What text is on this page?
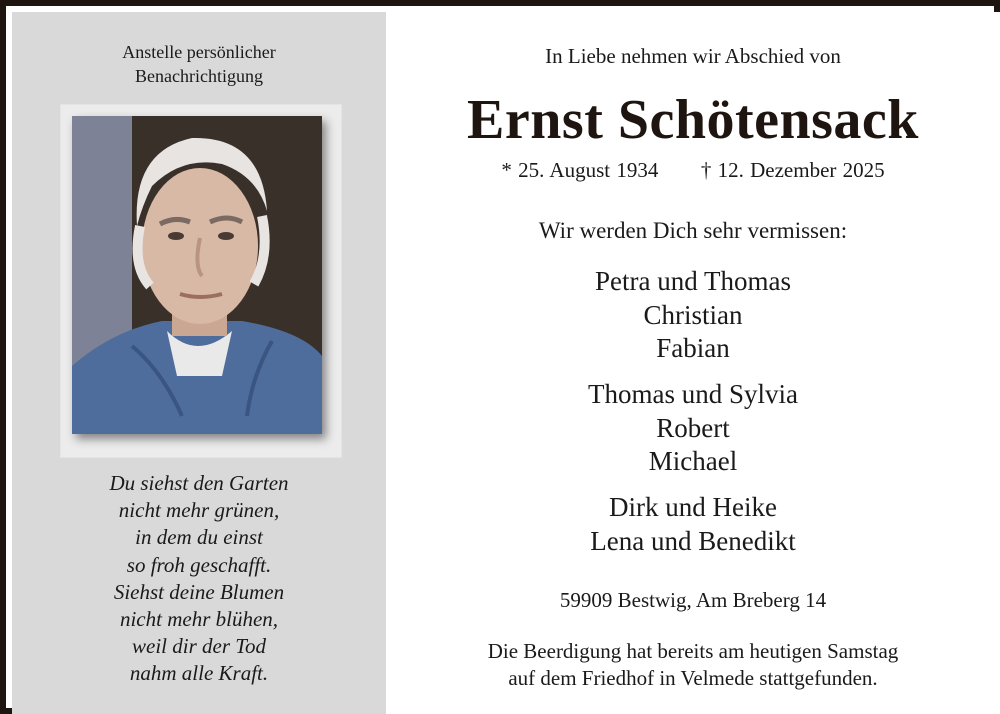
Anstelle persönlicher
Benachrichtigung
Du siehst den Garten
nicht mehr grünen,
in dem du einst
so froh geschafft.
Siehst deine Blumen
nicht mehr blühen,
weil dir der Tod
nahm alle Kraft.
In Liebe nehmen wir Abschied von
Ernst Schötensack
* 25. August 1934 † 12. Dezember 2025
Wir werden Dich sehr vermissen:
Petra und Thomas
Christian
Fabian
Thomas und Sylvia
Robert
Michael
Dirk und Heike
Lena und Benedikt
59909 Bestwig, Am Breberg 14
Die Beerdigung hat bereits am heutigen Samstag
auf dem Friedhof in Velmede stattgefunden.
